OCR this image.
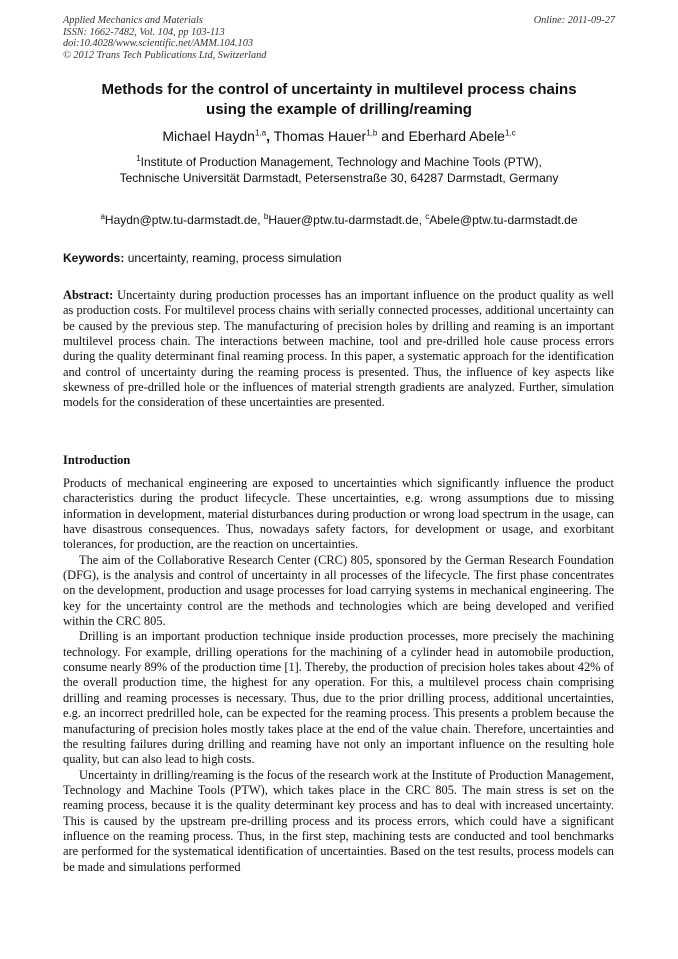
Applied Mechanics and Materials
ISSN: 1662-7482, Vol. 104, pp 103-113
doi:10.4028/www.scientific.net/AMM.104.103
© 2012 Trans Tech Publications Ltd, Switzerland
Online: 2011-09-27
Methods for the control of uncertainty in multilevel process chains
using the example of drilling/reaming
Michael Haydn$^{1,a}$, Thomas Hauer$^{1,b}$ and Eberhard Abele$^{1,c}$
$^1$Institute of Production Management, Technology and Machine Tools (PTW),
Technische Universität Darmstadt, Petersenstraße 30, 64287 Darmstadt, Germany
$^a$Haydn@ptw.tu-darmstadt.de, $^b$Hauer@ptw.tu-darmstadt.de, $^c$Abele@ptw.tu-darmstadt.de
Keywords: uncertainty, reaming, process simulation
Abstract: Uncertainty during production processes has an important influence on the product quality as well as production costs. For multilevel process chains with serially connected processes, additional uncertainty can be caused by the previous step. The manufacturing of precision holes by drilling and reaming is an important multilevel process chain. The interactions between machine, tool and pre-drilled hole cause process errors during the quality determinant final reaming process. In this paper, a systematic approach for the identification and control of uncertainty during the reaming process is presented. Thus, the influence of key aspects like skewness of pre-drilled hole or the influences of material strength gradients are analyzed. Further, simulation models for the consideration of these uncertainties are presented.
Introduction

Products of mechanical engineering are exposed to uncertainties which significantly influence the product characteristics during the product lifecycle. These uncertainties, e.g. wrong assumptions due to missing information in development, material disturbances during production or wrong load spectrum in the usage, can have disastrous consequences. Thus, nowadays safety factors, for development or usage, and exorbitant tolerances, for production, are the reaction on uncertainties.

The aim of the Collaborative Research Center (CRC) 805, sponsored by the German Research Foundation (DFG), is the analysis and control of uncertainty in all processes of the lifecycle. The first phase concentrates on the development, production and usage processes for load carrying systems in mechanical engineering. The key for the uncertainty control are the methods and technologies which are being developed and verified within the CRC 805.

Drilling is an important production technique inside production processes, more precisely the machining technology. For example, drilling operations for the machining of a cylinder head in automobile production, consume nearly 89% of the production time [1]. Thereby, the production of precision holes takes about 42% of the overall production time, the highest for any operation. For this, a multilevel process chain comprising drilling and reaming processes is necessary. Thus, due to the prior drilling process, additional uncertainties, e.g. an incorrect predrilled hole, can be expected for the reaming process. This presents a problem because the manufacturing of precision holes mostly takes place at the end of the value chain. Therefore, uncertainties and the resulting failures during drilling and reaming have not only an important influence on the resulting hole quality, but can also lead to high costs.

Uncertainty in drilling/reaming is the focus of the research work at the Institute of Production Management, Technology and Machine Tools (PTW), which takes place in the CRC 805. The main stress is set on the reaming process, because it is the quality determinant key process and has to deal with increased uncertainty. This is caused by the upstream pre-drilling process and its process errors, which could have a significant influence on the reaming process. Thus, in the first step, machining tests are conducted and tool benchmarks are performed for the systematical identification of uncertainties. Based on the test results, process models can be made and simulations performed
